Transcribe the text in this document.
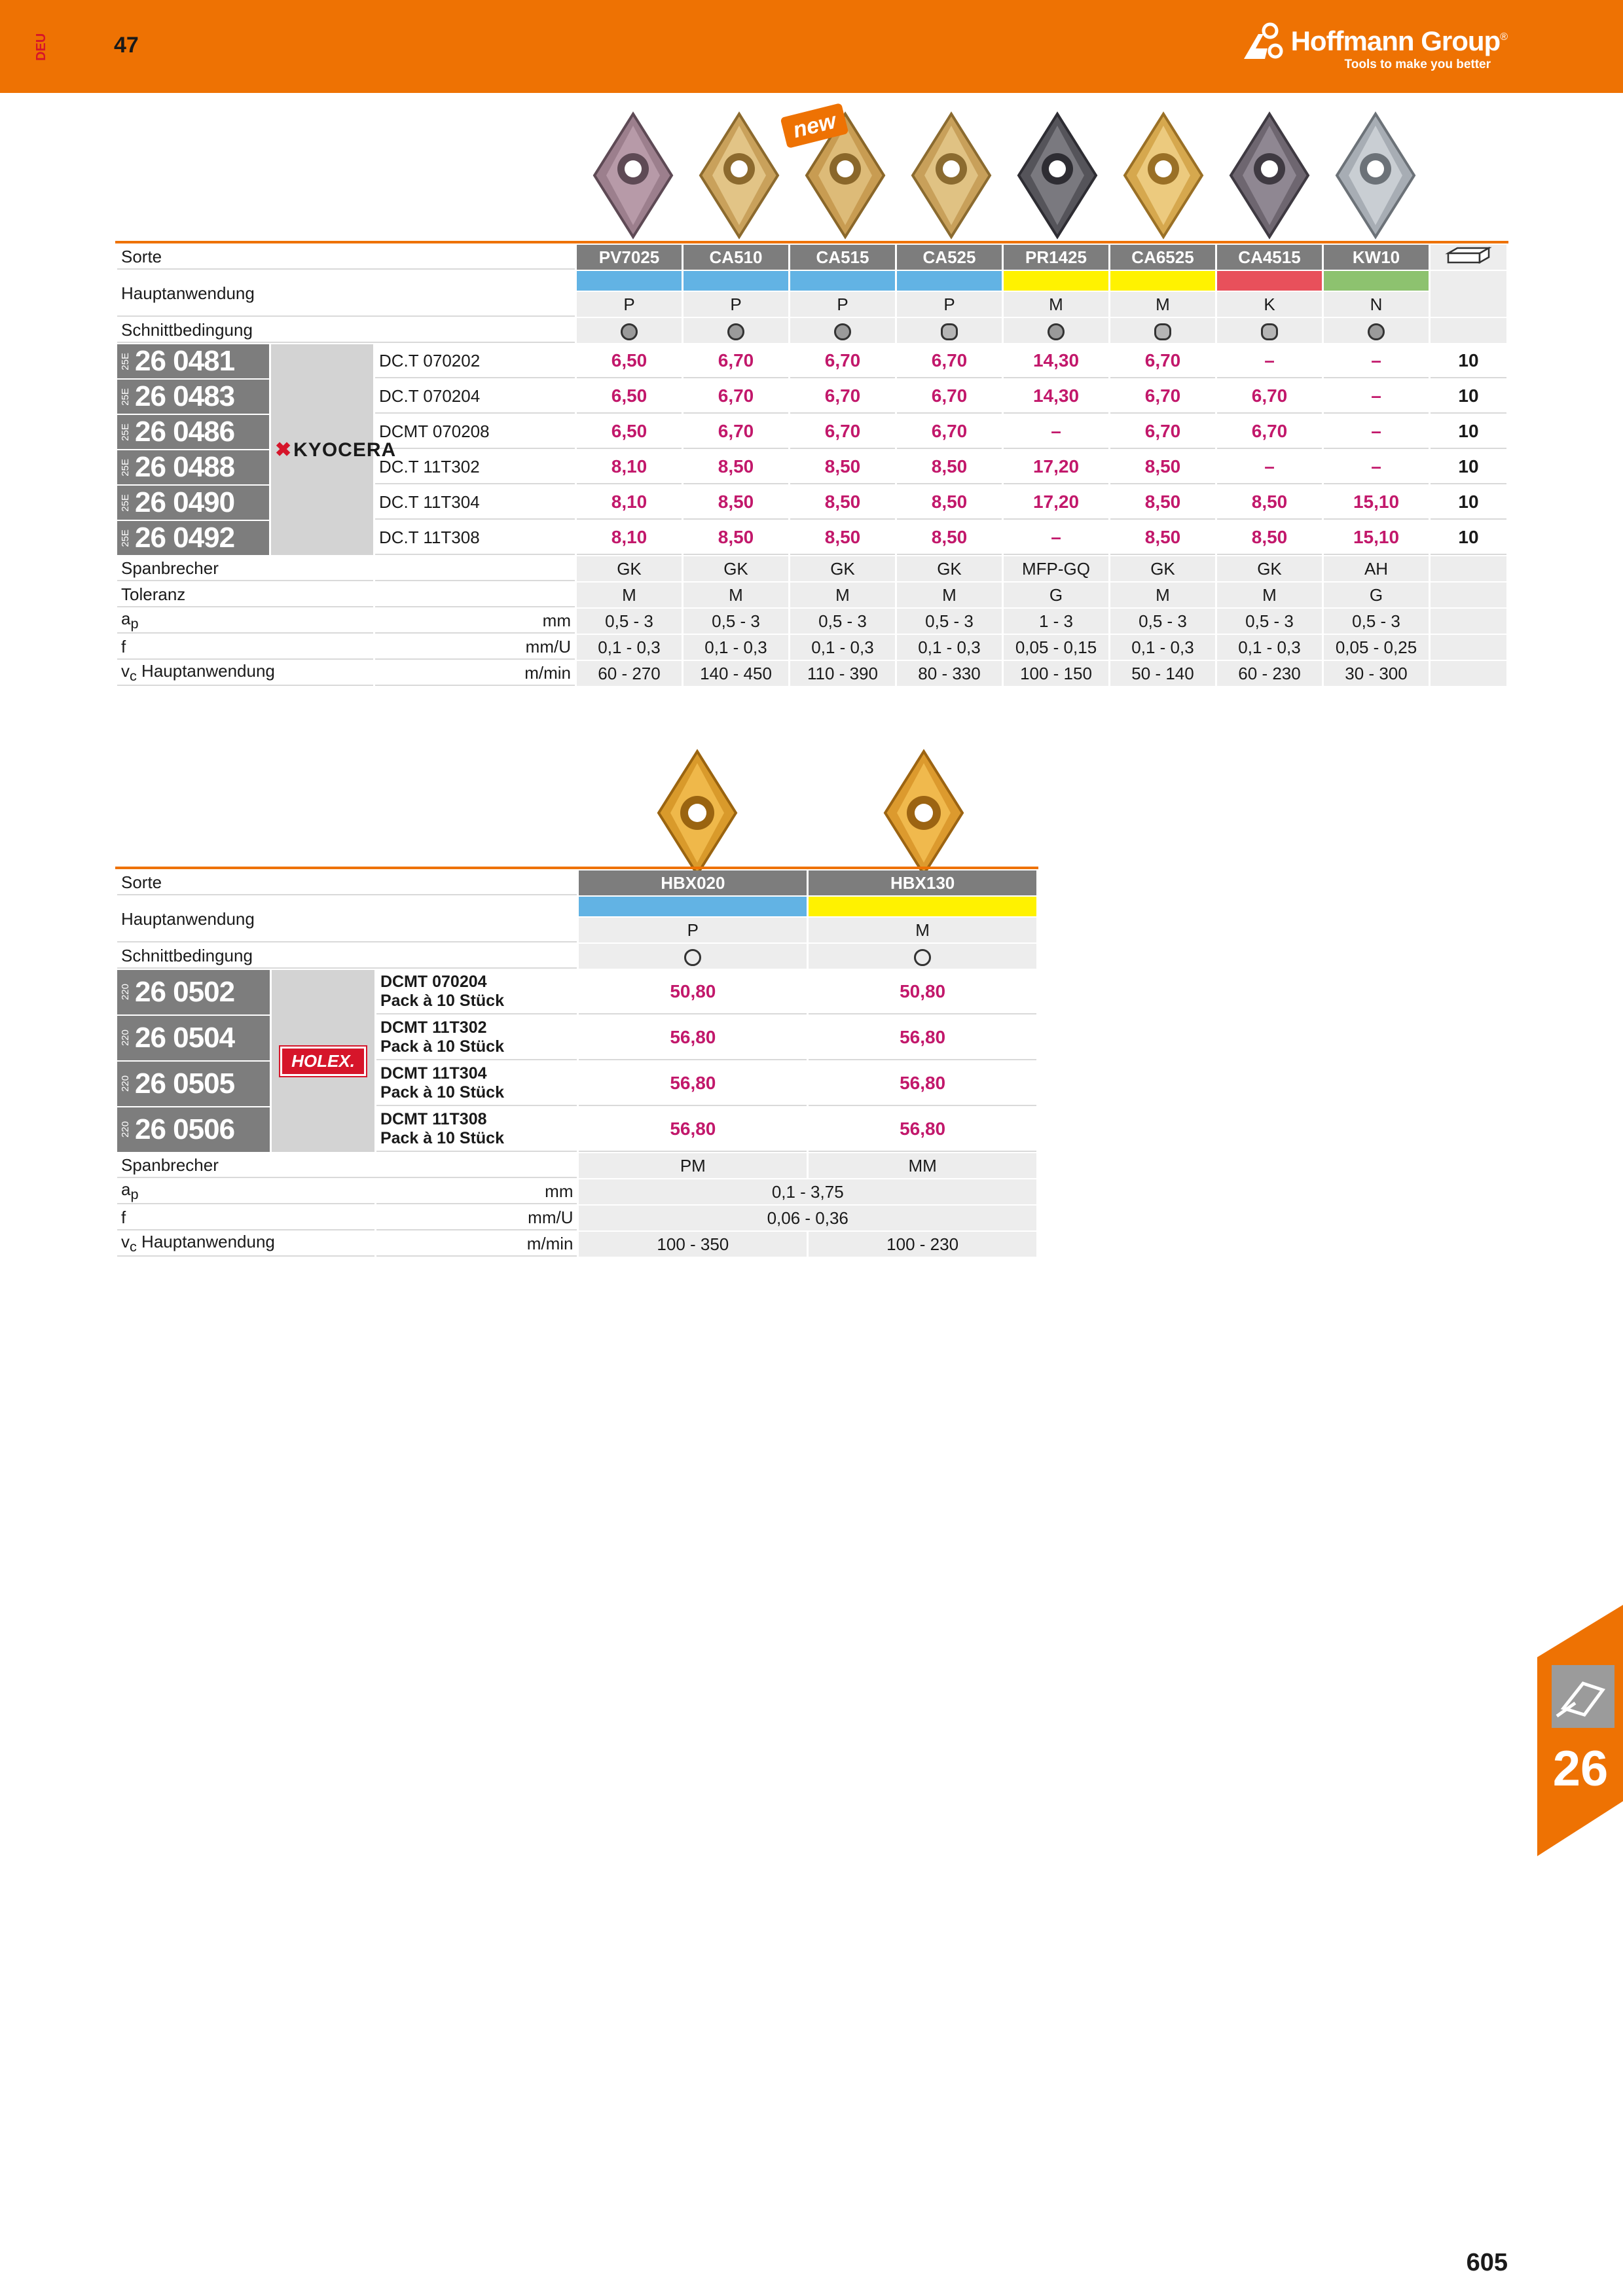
DEU	47	Hoffmann Group®
Tools to make you better
new
Sorte			PV7025	CA510	CA515	CA525	PR1425	CA6525	CA4515	KW10	
Hauptanwendung											
			P	P	P	P	M	M	K	N	
Schnittbedingung											
25E 26 0481	✖KYOCERA	DC.T 070202	6,50	6,70	6,70	6,70	14,30	6,70	–	–	10
25E 26 0483		DC.T 070204	6,50	6,70	6,70	6,70	14,30	6,70	6,70	–	10
25E 26 0486		DCMT 070208	6,50	6,70	6,70	6,70	–	6,70	6,70	–	10
25E 26 0488		DC.T 11T302	8,10	8,50	8,50	8,50	17,20	8,50	–	–	10
25E 26 0490		DC.T 11T304	8,10	8,50	8,50	8,50	17,20	8,50	8,50	15,10	10
25E 26 0492		DC.T 11T308	8,10	8,50	8,50	8,50	–	8,50	8,50	15,10	10
Spanbrecher			GK	GK	GK	GK	MFP-GQ	GK	GK	AH	
Toleranz			M	M	M	M	G	M	M	G	
$a_p$		mm	0,5 - 3	0,5 - 3	0,5 - 3	0,5 - 3	1 - 3	0,5 - 3	0,5 - 3	0,5 - 3	
f		mm/U	0,1 - 0,3	0,1 - 0,3	0,1 - 0,3	0,1 - 0,3	0,05 - 0,15	0,1 - 0,3	0,1 - 0,3	0,05 - 0,25	
$v_c$ Hauptanwendung		m/min	60 - 270	140 - 450	110 - 390	80 - 330	100 - 150	50 - 140	60 - 230	30 - 300	
Sorte			HBX020	HBX130
Hauptanwendung				
			P	M
Schnittbedingung				
220 26 0502	HOLEX.	DCMT 070204
Pack à 10 Stück	50,80	50,80
220 26 0504		DCMT 11T302
Pack à 10 Stück	56,80	56,80
220 26 0505		DCMT 11T304
Pack à 10 Stück	56,80	56,80
220 26 0506		DCMT 11T308
Pack à 10 Stück	56,80	56,80
Spanbrecher			PM	MM
$a_p$		mm	0,1 - 3,75	
f		mm/U	0,06 - 0,36	
$v_c$ Hauptanwendung		m/min	100 - 350	100 - 230
26
605
